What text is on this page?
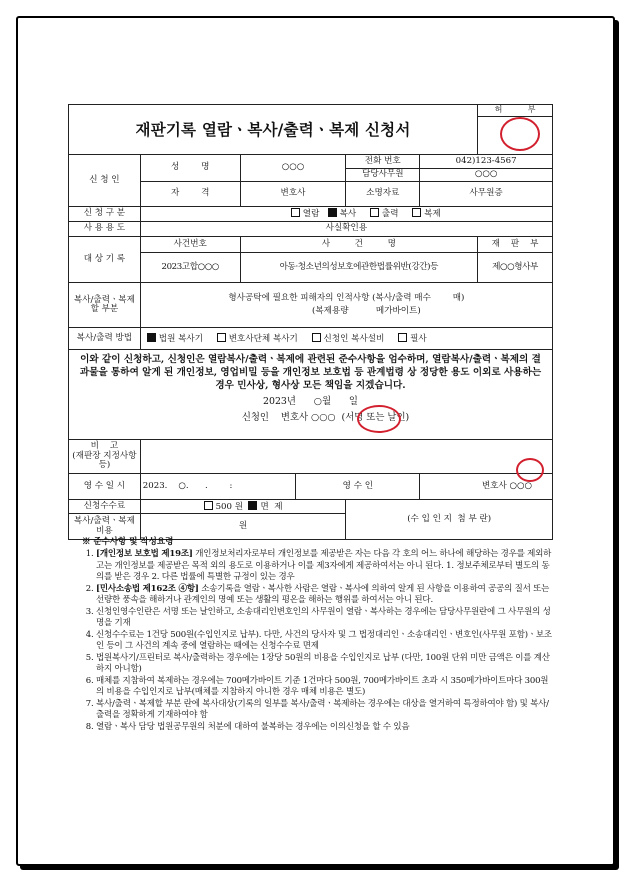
재판기록 열람ㆍ복사/출력ㆍ복제 신청서						허          부

신 청 인	성        명	○○○		전화 번호	042)123-4567	
				담당사무원	○○○	
	자        격	변호사		소명자료	사무원증	
신 청 구 분	열람 복사 출력 복제					
사 용 용 도	사실확인용					
대 상 기 록	사건번호	사         건         명				재    판    부
	2023고합○○○	아동·청소년의성보호에관한법률위반(강간)등				제○○형사부
복사/출력ㆍ복제할 부분	형사공탁에 필요한 피해자의 인적사항 (복사/출력 매수        매)
(복제용량          메가바이트)					

복사/출력 방법	법원 복사기 변호사단체 복사기 신청인 복사설비 필사					

이와 같이 신청하고, 신청인은 열람복사/출력ㆍ복제에 관련된 준수사항을 엄수하며, 열람복사/출력ㆍ복제의 결과물을 통하여 알게 된 개인정보, 영업비밀 등을 개인정보 보호법 등 관계법령 상 정당한 용도 이외로 사용하는 경우 민사상, 형사상 모든 책임을 지겠습니다.
2023년      ○월      일
신청인    변호사 ○○○  (서명 또는 날인)						

비    고
(재판장 지정사항 등)						

영 수 일 시	2023.    ○.      .        :		영 수 인		변호사 ○○○	
신청수수료	500 원 면  제			(수 입 인 지  첨 부 란)		
복사/출력ㆍ복제 비용	원					
※ 준수사항 및 작성요령
1. [개인정보 보호법 제19조] 개인정보처리자로부터 개인정보를 제공받은 자는 다음 각 호의 어느 하나에 해당하는 경우를 제외하고는 개인정보를 제공받은 목적 외의 용도로 이용하거나 이를 제3자에게 제공하여서는 아니 된다. 1. 정보주체로부터 별도의 동의를 받은 경우 2. 다른 법률에 특별한 규정이 있는 경우
2. [민사소송법 제162조 ④항] 소송기록을 열람ㆍ복사한 사람은 열람ㆍ복사에 의하여 알게 된 사항을 이용하여 공공의 질서 또는 선량한 풍속을 해하거나 관계인의 명예 또는 생활의 평온을 해하는 행위를 하여서는 아니 된다.
3. 신청인영수인란은 서명 또는 날인하고, 소송대리인변호인의 사무원이 열람ㆍ복사하는 경우에는 담당사무원란에 그 사무원의 성명을 기재
4. 신청수수료는 1건당 500원(수입인지로 납부). 다만, 사건의 당사자 및 그 법정대리인ㆍ소송대리인ㆍ변호인(사무원 포함)ㆍ보조인 등이 그 사건의 계속 중에 열람하는 때에는 신청수수료 면제
5. 법원복사기/프린터로 복사/출력하는 경우에는 1장당 50원의 비용을 수입인지로 납부 (다만, 100원 단위 미만 금액은 이를 계산하지 아니함)
6. 매체를 지참하여 복제하는 경우에는 700메가바이트 기준 1건마다 500원, 700메가바이트 초과 시 350메가바이트마다 300원의 비용을 수입인지로 납부(매체를 지참하지 아니한 경우 매체 비용은 별도)
7. 복사/출력ㆍ복제할 부분 란에 복사대상(기록의 일부를 복사/출력ㆍ복제하는 경우에는 대상을 열거하여 특정하여야 함) 및 복사/출력을 정확하게 기재하여야 함
8. 열람ㆍ복사 담당 법원공무원의 처분에 대하여 불복하는 경우에는 이의신청을 할 수 있음
